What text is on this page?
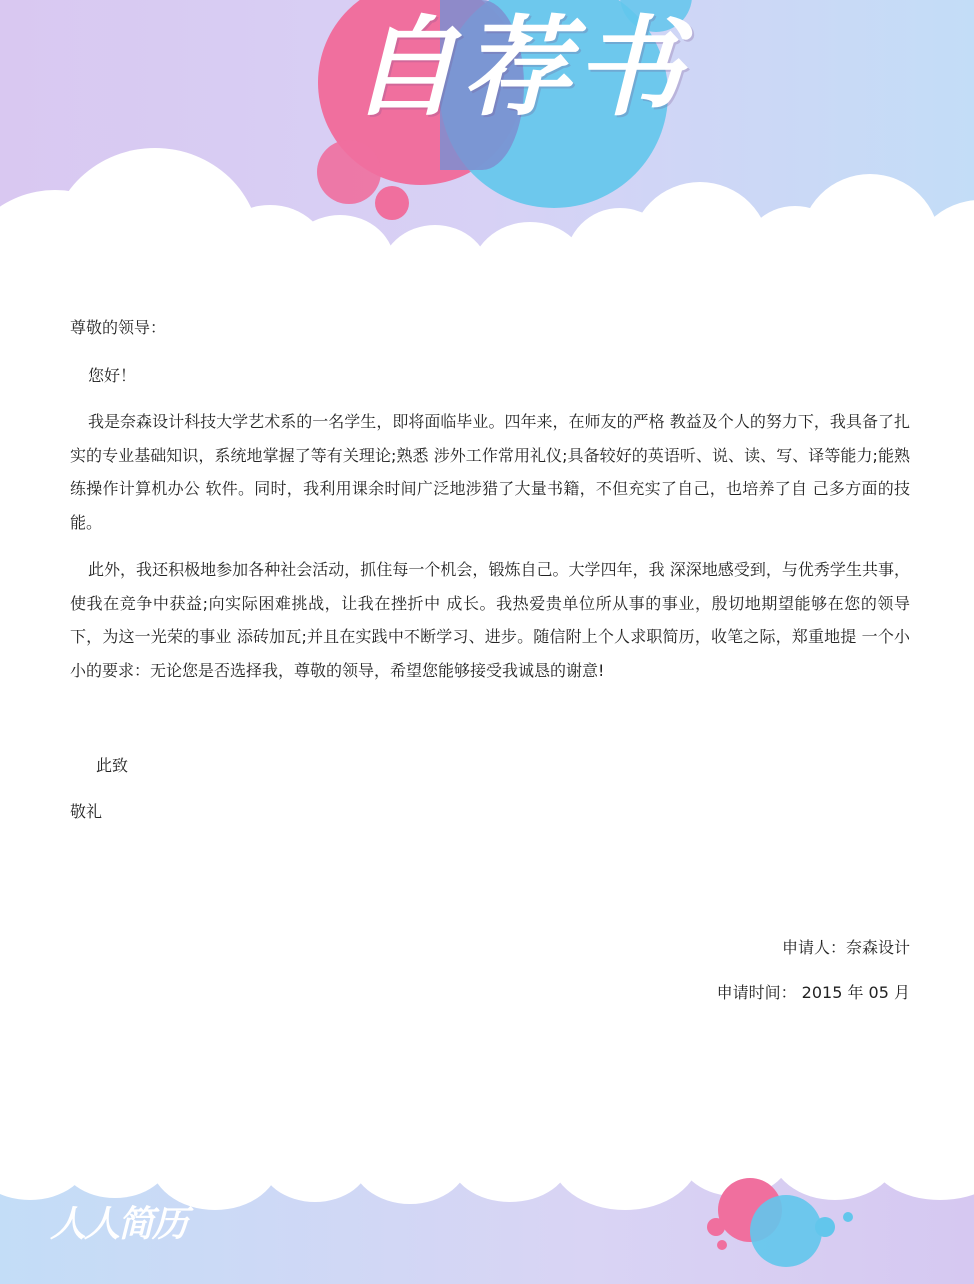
自荐书
尊敬的领导：
您好！
我是奈森设计科技大学艺术系的一名学生，即将面临毕业。四年来，在师友的严格 教益及个人的努力下，我具备了扎实的专业基础知识，系统地掌握了等有关理论;熟悉 涉外工作常用礼仪;具备较好的英语听、说、读、写、译等能力;能熟练操作计算机办公 软件。同时，我利用课余时间广泛地涉猎了大量书籍，不但充实了自己，也培养了自 己多方面的技能。
此外，我还积极地参加各种社会活动，抓住每一个机会，锻炼自己。大学四年，我 深深地感受到，与优秀学生共事，使我在竞争中获益;向实际困难挑战，让我在挫折中 成长。我热爱贵单位所从事的事业，殷切地期望能够在您的领导下，为这一光荣的事业 添砖加瓦;并且在实践中不断学习、进步。随信附上个人求职简历，收笔之际，郑重地提 一个小小的要求：无论您是否选择我，尊敬的领导，希望您能够接受我诚恳的谢意!
此致
敬礼
申请人：奈森设计
申请时间： 2015 年 05 月
人人简历
